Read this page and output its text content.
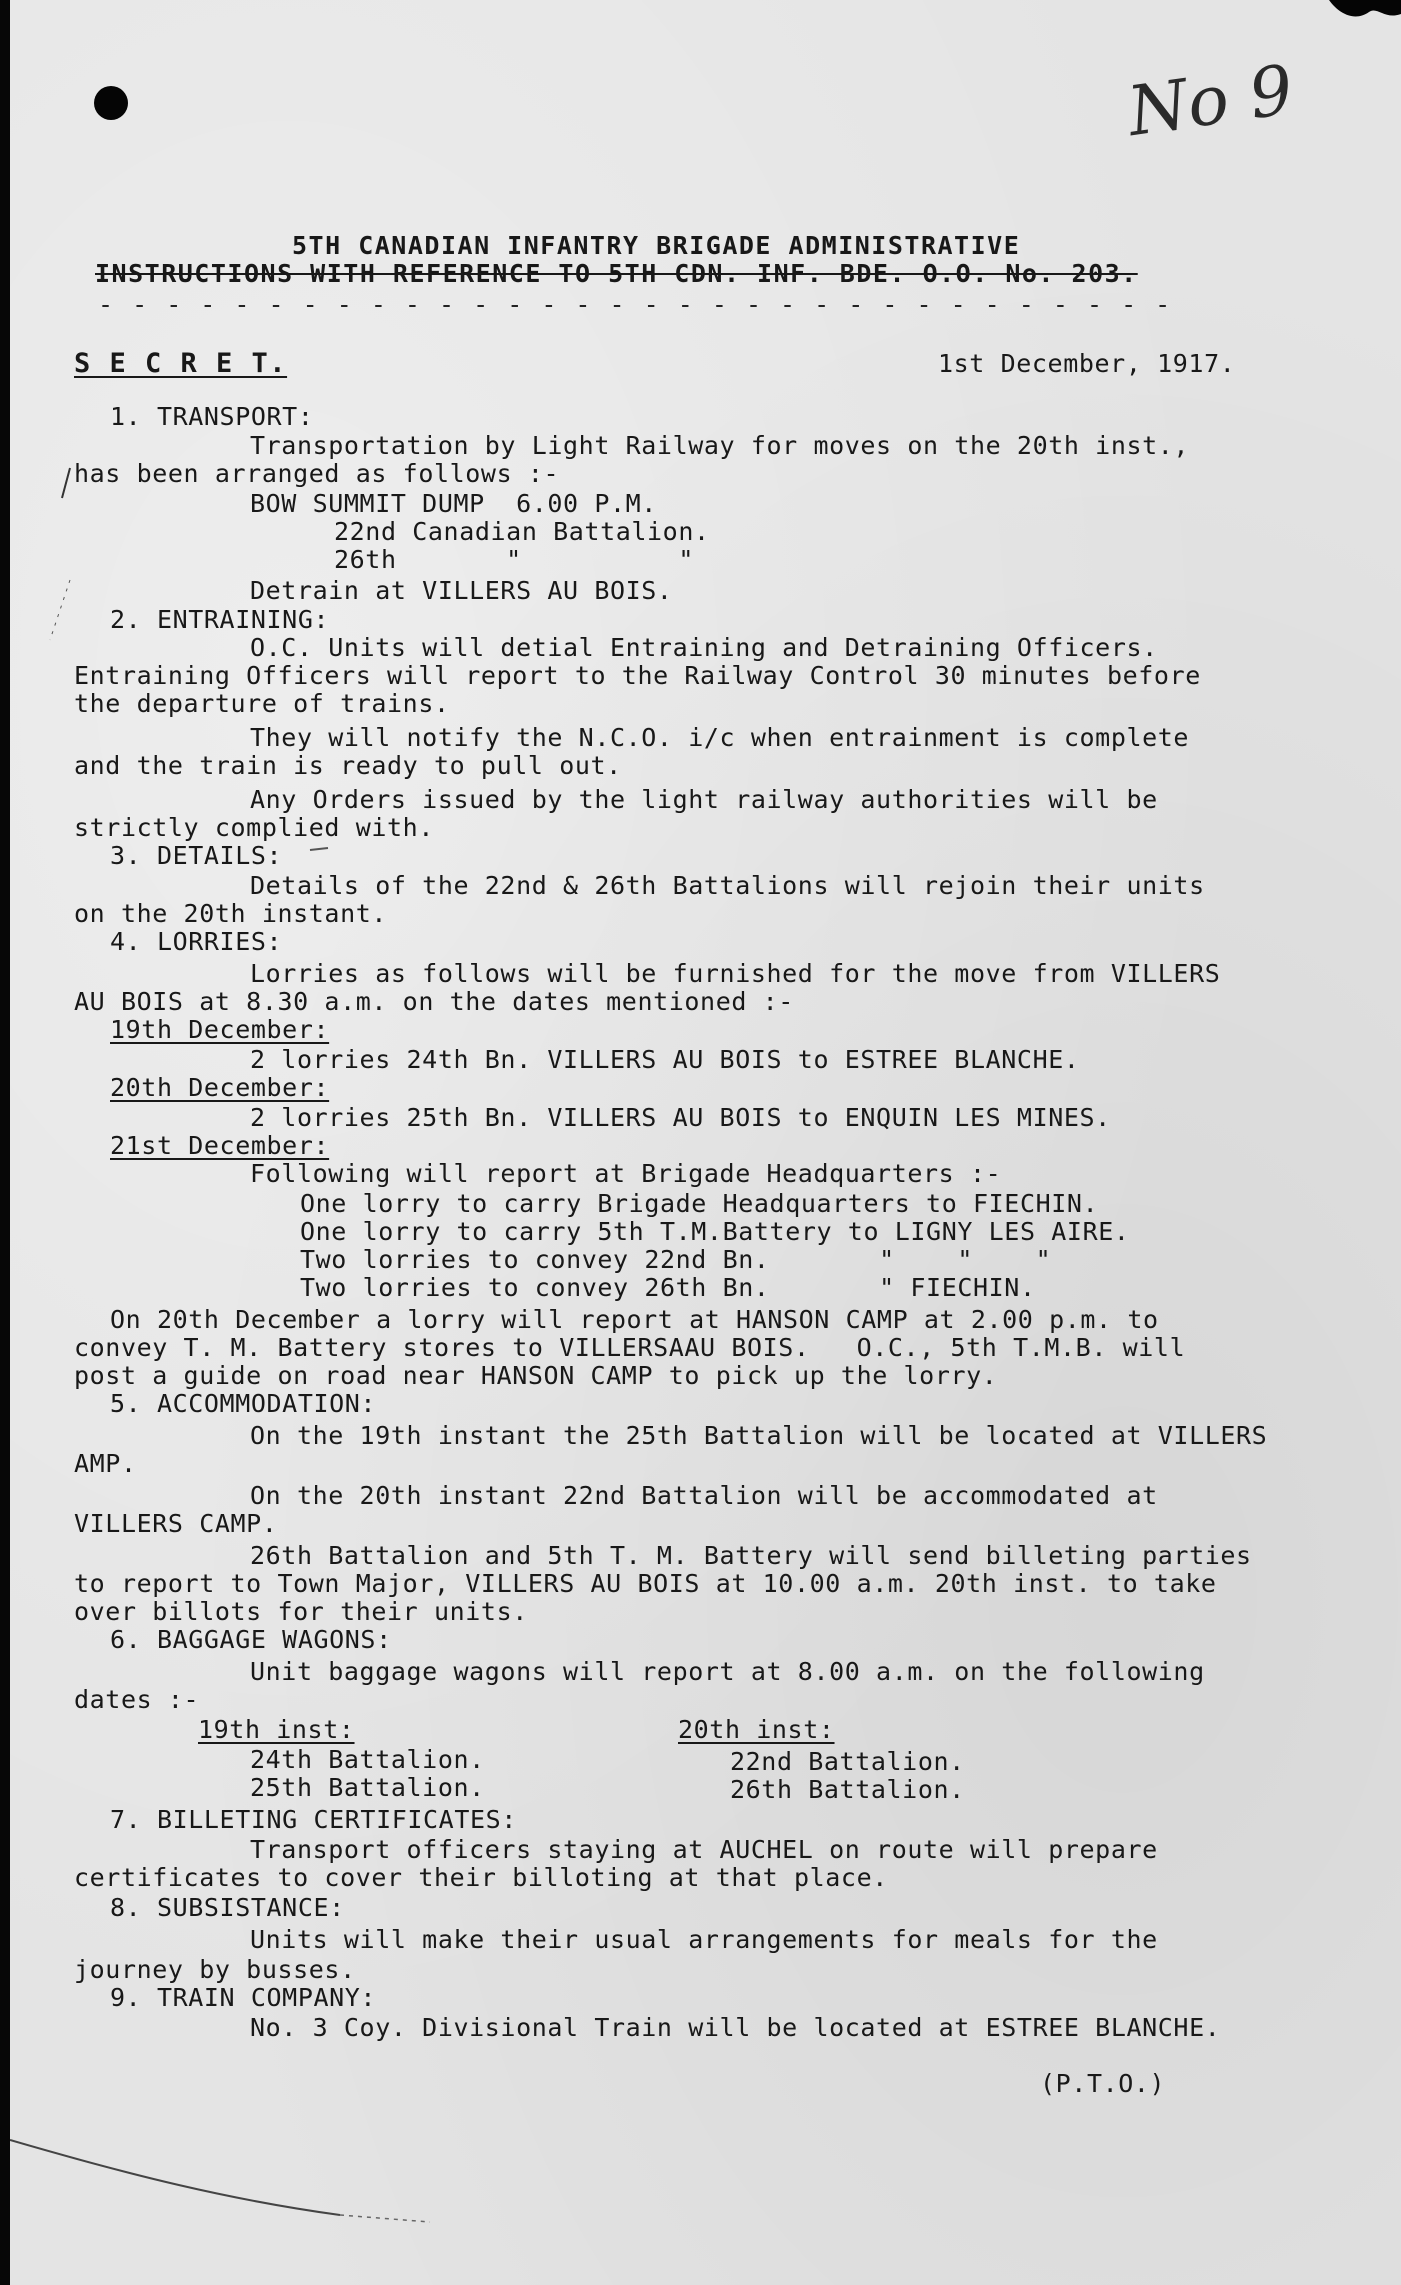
No 9
5TH CANADIAN INFANTRY BRIGADE ADMINISTRATIVE
INSTRUCTIONS WITH REFERENCE TO 5TH CDN. INF. BDE. O.O. No. 203.
- - - - - - - - - - - - - - - - - - - - - - - - - - - - - - - -
S E C R E T.	1st December, 1917.
1. TRANSPORT:
Transportation by Light Railway for moves on the 20th inst.,
has been arranged as follows :-
BOW SUMMIT DUMP  6.00 P.M.
22nd Canadian Battalion.
26th       "          "
Detrain at VILLERS AU BOIS.
2. ENTRAINING:
O.C. Units will detial Entraining and Detraining Officers.
Entraining Officers will report to the Railway Control 30 minutes before
the departure of trains.
They will notify the N.C.O. i/c when entrainment is complete
and the train is ready to pull out.
Any Orders issued by the light railway authorities will be
strictly complied with.
3. DETAILS:
Details of the 22nd & 26th Battalions will rejoin their units
on the 20th instant.
4. LORRIES:
Lorries as follows will be furnished for the move from VILLERS
AU BOIS at 8.30 a.m. on the dates mentioned :-
19th December:
2 lorries 24th Bn. VILLERS AU BOIS to ESTREE BLANCHE.
20th December:
2 lorries 25th Bn. VILLERS AU BOIS to ENQUIN LES MINES.
21st December:
Following will report at Brigade Headquarters :-
One lorry to carry Brigade Headquarters to FIECHIN.
One lorry to carry 5th T.M.Battery to LIGNY LES AIRE.
Two lorries to convey 22nd Bn.       "    "    "
Two lorries to convey 26th Bn.       " FIECHIN.
On 20th December a lorry will report at HANSON CAMP at 2.00 p.m. to
convey T. M. Battery stores to VILLERSAAU BOIS.   O.C., 5th T.M.B. will
post a guide on road near HANSON CAMP to pick up the lorry.
5. ACCOMMODATION:
On the 19th instant the 25th Battalion will be located at VILLERS
AMP.
On the 20th instant 22nd Battalion will be accommodated at
VILLERS CAMP.
26th Battalion and 5th T. M. Battery will send billeting parties
to report to Town Major, VILLERS AU BOIS at 10.00 a.m. 20th inst. to take
over billots for their units.
6. BAGGAGE WAGONS:
Unit baggage wagons will report at 8.00 a.m. on the following
dates :-
19th inst:	20th inst:
24th Battalion.	22nd Battalion.
25th Battalion.	26th Battalion.
7. BILLETING CERTIFICATES:
Transport officers staying at AUCHEL on route will prepare
certificates to cover their billoting at that place.
8. SUBSISTANCE:
Units will make their usual arrangements for meals for the
journey by busses.
9. TRAIN COMPANY:
No. 3 Coy. Divisional Train will be located at ESTREE BLANCHE.
(P.T.O.)
